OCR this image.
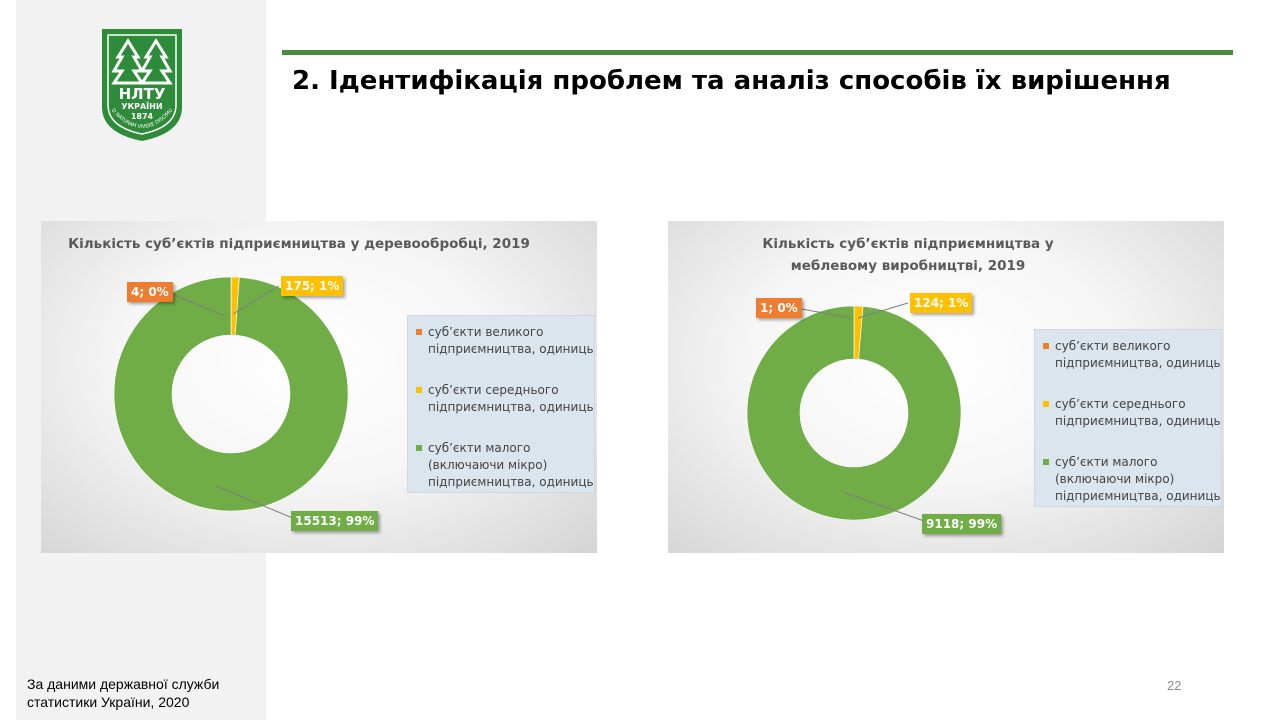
НЛТУ
УКРАЇНИ
1874
D NATURAM VIVERE DISCIMU
2. Ідентифікація проблем та аналіз способів їх вирішення
Кількість суб’єктів підприємництва у деревообробці, 2019
суб’єкти великого підприємництва, одиниць
суб’єкти середнього підприємництва, одиниць
суб’єкти малого (включаючи мікро) підприємництва, одиниць
4; 0%	175; 1%
15513; 99%
Кількість суб’єктів підприємництва у меблевому виробництві, 2019
суб’єкти великого підприємництва, одиниць
суб’єкти середнього підприємництва, одиниць
суб’єкти малого (включаючи мікро) підприємництва, одиниць
1; 0%	124; 1%
9118; 99%
За даними державної служби статистики України, 2020
22
